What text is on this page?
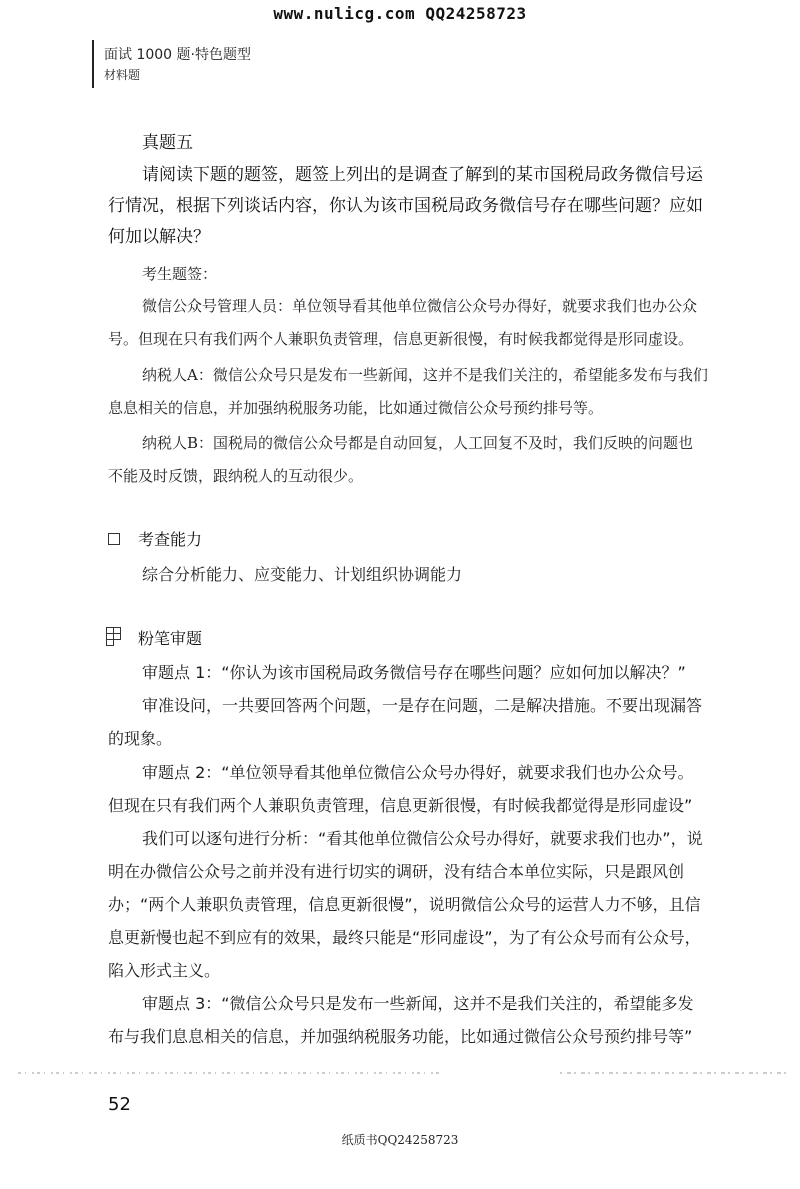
www.nulicg.com QQ24258723
面试 1000 题·特色题型
材料题
真题五
请阅读下题的题签，题签上列出的是调查了解到的某市国税局政务微信号运行情况，根据下列谈话内容，你认为该市国税局政务微信号存在哪些问题？应如何加以解决？
考生题签：
微信公众号管理人员：单位领导看其他单位微信公众号办得好，就要求我们也办公众号。但现在只有我们两个人兼职负责管理，信息更新很慢，有时候我都觉得是形同虚设。
纳税人A：微信公众号只是发布一些新闻，这并不是我们关注的，希望能多发布与我们息息相关的信息，并加强纳税服务功能，比如通过微信公众号预约排号等。
纳税人B：国税局的微信公众号都是自动回复，人工回复不及时，我们反映的问题也不能及时反馈，跟纳税人的互动很少。
考查能力
综合分析能力、应变能力、计划组织协调能力
粉笔审题
审题点 1：“你认为该市国税局政务微信号存在哪些问题？应如何加以解决？”
审准设问，一共要回答两个问题，一是存在问题，二是解决措施。不要出现漏答的现象。
审题点 2：“单位领导看其他单位微信公众号办得好，就要求我们也办公众号。但现在只有我们两个人兼职负责管理，信息更新很慢，有时候我都觉得是形同虚设”
我们可以逐句进行分析：“看其他单位微信公众号办得好，就要求我们也办”，说明在办微信公众号之前并没有进行切实的调研，没有结合本单位实际，只是跟风创办；“两个人兼职负责管理，信息更新很慢”，说明微信公众号的运营人力不够，且信息更新慢也起不到应有的效果，最终只能是“形同虚设”，为了有公众号而有公众号，陷入形式主义。
审题点 3：“微信公众号只是发布一些新闻，这并不是我们关注的，希望能多发布与我们息息相关的信息，并加强纳税服务功能，比如通过微信公众号预约排号等”
52
纸质书QQ24258723
